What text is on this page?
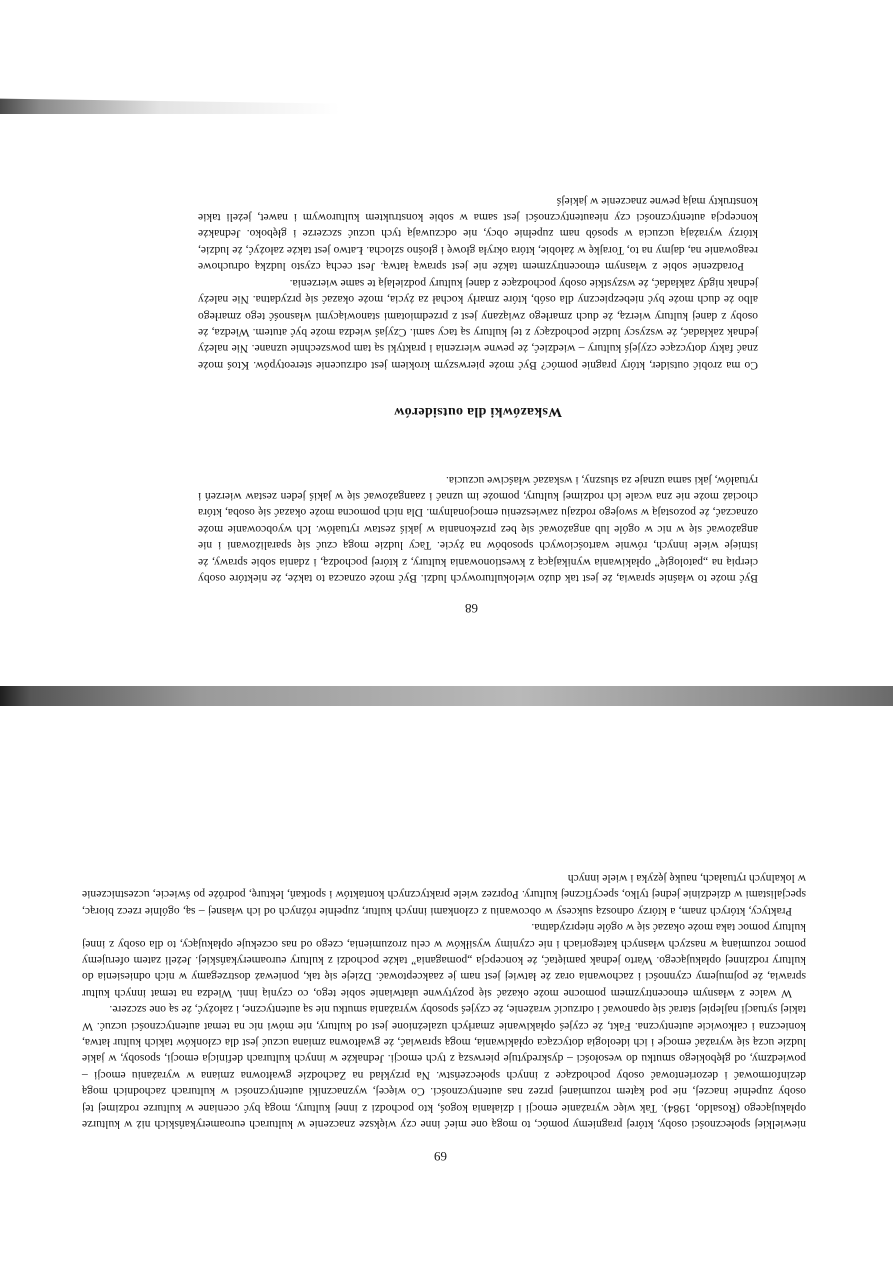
Być może to właśnie sprawia, że jest tak dużo wielokulturowych ludzi. Być może oznacza to także, że niektóre osoby cierpią na „patologię” opłakiwania wynikającą z kwestionowania kultury, z której pochodzą, i zdania sobie sprawy, że istnieje wiele innych, równie wartościowych sposobów na życie. Tacy ludzie mogą czuć się sparaliżowani i nie angażować się w nic w ogóle lub angażować się bez przekonania w jakiś zestaw rytuałów. Ich wyobcowanie może oznaczać, że pozostają w swojego rodzaju zawieszeniu emocjonalnym. Dla nich pomocna może okazać się osoba, która chociaż może nie zna wcale ich rodzimej kultury, pomoże im uznać i zaangażować się w jakiś jeden zestaw wierzeń i rytuałów, jaki sama uznaje za słuszny, i wskazać właściwe uczucia.

Wskazówki dla outsiderów

Co ma zrobić outsider, który pragnie pomóc? Być może pierwszym krokiem jest odrzucenie stereotypów. Ktoś może znać fakty dotyczące czyjejś kultury – wiedzieć, że pewne wierzenia i praktyki są tam powszechnie uznane. Nie należy jednak zakładać, że wszyscy ludzie pochodzący z tej kultury są tacy sami. Czyjaś wiedza może być atutem. Wiedza, że osoby z danej kultury wierzą, że duch zmarłego związany jest z przedmiotami stanowiącymi własność tego zmarłego albo że duch może być niebezpieczny dla osób, które zmarły kochał za życia, może okazać się przydatna. Nie należy jednak nigdy zakładać, że wszystkie osoby pochodzące z danej kultury podzielają te same wierzenia.

Poradzenie sobie z własnym etnocentryzmem także nie jest sprawą łatwą. Jest cechą czysto ludzką odruchowe reagowanie na, dajmy na to, Torajkę w żałobie, która okryła głowę i głośno szlocha. Łatwo jest także założyć, że ludzie, którzy wyrażają uczucia w sposób nam zupełnie obcy, nie odczuwają tych uczuć szczerze i głęboko. Jednakże koncepcja autentyczności czy nieautentyczności jest sama w sobie konstruktem kulturowym i nawet, jeżeli takie konstrukty mają pewne znaczenie w jakiejś

68

niewielkiej społeczności osoby, której pragniemy pomóc, to mogą one mieć inne czy większe znaczenie w kulturach euroamerykańskich niż w kulturze opłakującego (Rosaldo, 1984). Tak więc wyrażanie emocji i działania kogoś, kto pochodzi z innej kultury, mogą być oceniane w kulturze rodzimej tej osoby zupełnie inaczej, nie pod kątem rozumianej przez nas autentyczności. Co więcej, wyznaczniki autentyczności w kulturach zachodnich mogą dezinformować i dezorientować osoby pochodzące z innych społeczeństw. Na przykład na Zachodzie gwałtowna zmiana w wyrażaniu emocji – powiedzmy, od głębokiego smutku do wesołości – dyskredytuje pierwszą z tych emocji. Jednakże w innych kulturach definicja emocji, sposoby, w jakie ludzie uczą się wyrażać emocje i ich ideologia dotycząca opłakiwania, mogą sprawiać, że gwałtowna zmiana uczuć jest dla członków takich kultur łatwa, konieczna i całkowicie autentyczna. Fakt, że czyjeś opłakiwanie zmarłych uzależnione jest od kultury, nie mówi nic na temat autentyczności uczuć. W takiej sytuacji najlepiej starać się opanować i odrzucić wrażenie, że czyjeś sposoby wyrażania smutku nie są autentyczne, i założyć, że są one szczere.

W walce z własnym etnocentryzmem pomocne może okazać się pozytywne ułatwianie sobie tego, co czynią inni. Wiedza na temat innych kultur sprawia, że pojmujemy czynności i zachowania oraz że łatwiej jest nam je zaakceptować. Dzieje się tak, ponieważ dostrzegamy w nich odniesienia do kultury rodzinnej opłakującego. Warto jednak pamiętać, że koncepcja „pomagania” także pochodzi z kultury euroamerykańskiej. Jeżeli zatem oferujemy pomoc rozumianą w naszych własnych kategoriach i nie czynimy wysiłków w celu zrozumienia, czego od nas oczekuje opłakujący, to dla osoby z innej kultury pomoc taka może okazać się w ogóle nieprzydatna.

Praktycy, których znam, a którzy odnoszą sukcesy w obcowaniu z członkami innych kultur, zupełnie różnych od ich własnej – są, ogólnie rzecz biorąc, specjalistami w dziedzinie jednej tylko, specyficznej kultury. Poprzez wiele praktycznych kontaktów i spotkań, lekturę, podróże po świecie, uczestniczenie w lokalnych rytuałach, naukę języka i wiele innych

69
